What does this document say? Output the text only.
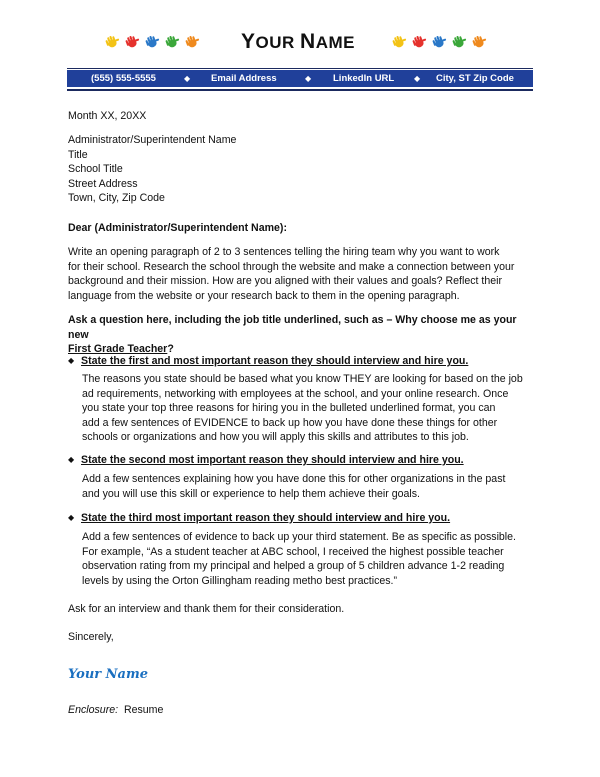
YOUR NAME
(555) 555-5555	◆ Email Address	◆ LinkedIn URL ◆ City, ST Zip Code

Month XX, 20XX

Administrator/Superintendent Name

Title

School Title

Street Address

Town, City, Zip Code

Dear (Administrator/Superintendent Name):

Write an opening paragraph of 2 to 3 sentences telling the hiring team why you want to work

for their school. Research the school through the website and make a connection between your

background and their mission. How are you aligned with their values and goals? Reflect their

language from the website or your research back to them in the opening paragraph.

Ask a question here, including the job title underlined, such as – Why choose me as your new

First Grade Teacher?

◆ State the first and most important reason they should interview and hire you.

The reasons you state should be based what you know THEY are looking for based on the job

ad requirements, networking with employees at the school, and your online research. Once

you state your top three reasons for hiring you in the bulleted underlined format, you can

add a few sentences of EVIDENCE to back up how you have done these things for other

schools or organizations and how you will apply this skills and attributes to this job.

◆ State the second most important reason they should interview and hire you.

Add a few sentences explaining how you have done this for other organizations in the past

and you will use this skill or experience to help them achieve their goals.

◆ State the third most important reason they should interview and hire you.

Add a few sentences of evidence to back up your third statement. Be as specific as possible.

For example, “As a student teacher at ABC school, I received the highest possible teacher

observation rating from my principal and helped a group of 5 children advance 1-2 reading

levels by using the Orton Gillingham reading metho best practices.”

Ask for an interview and thank them for their consideration.

Sincerely,

Your Name
Enclosure: Resume
